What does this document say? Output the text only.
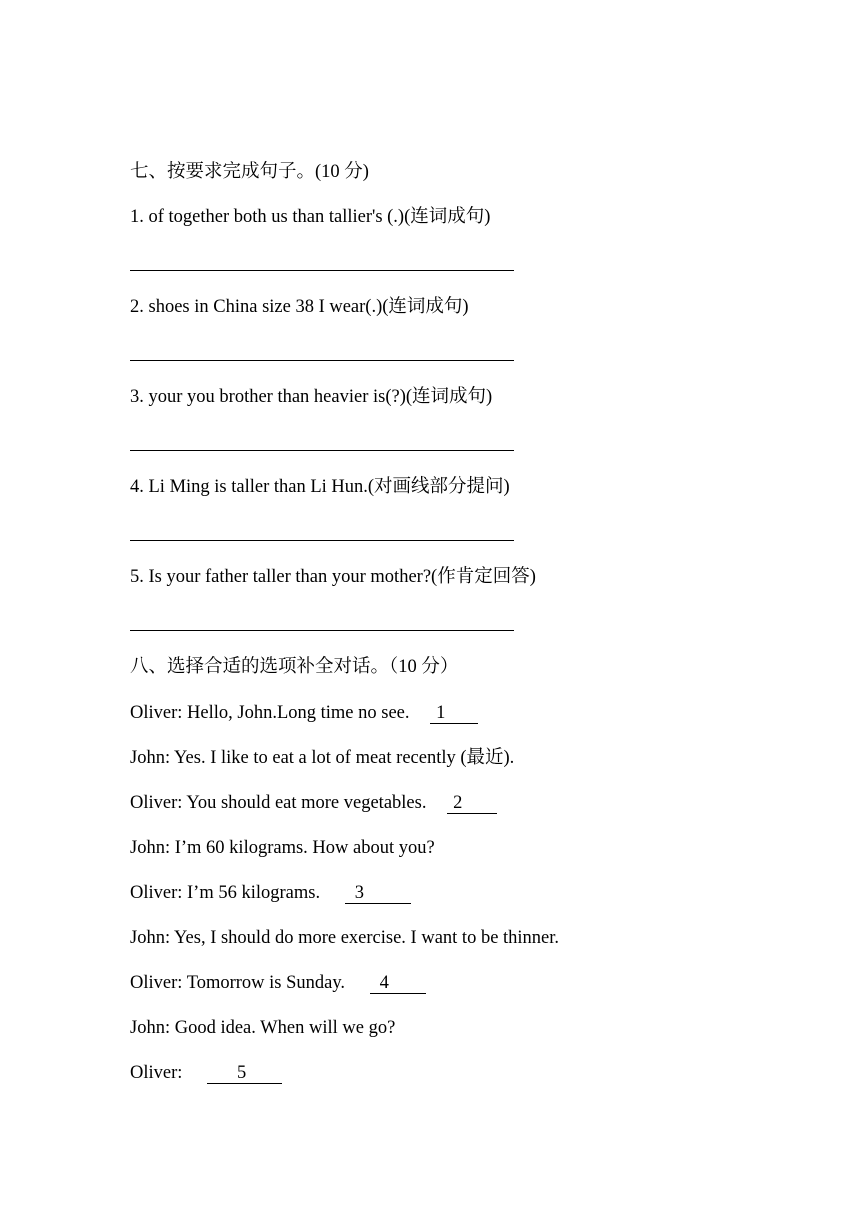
七、按要求完成句子。(10 分)
1. of together both us than tallier's (.)(连词成句)
2. shoes in China size 38 I wear(.)(连词成句)
3. your you brother than heavier is(?)(连词成句)
4. Li Ming is taller than Li Hun.(对画线部分提问)
5. Is your father taller than your mother?(作肯定回答)
八、选择合适的选项补全对话。（10 分）
Oliver: Hello, John.Long time no see. 1
John: Yes. I like to eat a lot of meat recently (最近).
Oliver: You should eat more vegetables. 2
John: I’m 60 kilograms. How about you?
Oliver: I’m 56 kilograms. 3
John: Yes, I should do more exercise. I want to be thinner.
Oliver: Tomorrow is Sunday. 4
John: Good idea. When will we go?
Oliver:	5
